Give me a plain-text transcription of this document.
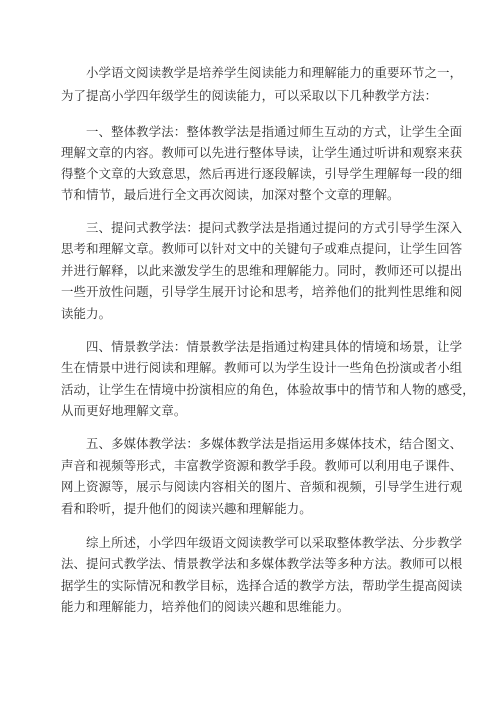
小学语文阅读教学是培养学生阅读能力和理解能力的重要环节之一，
为了提高小学四年级学生的阅读能力，可以采取以下几种教学方法：
一、整体教学法：整体教学法是指通过师生互动的方式，让学生全面
理解文章的内容。教师可以先进行整体导读，让学生通过听讲和观察来获
得整个文章的大致意思，然后再进行逐段解读，引导学生理解每一段的细
节和情节，最后进行全文再次阅读，加深对整个文章的理解。
三、提问式教学法：提问式教学法是指通过提问的方式引导学生深入
思考和理解文章。教师可以针对文中的关键句子或难点提问，让学生回答
并进行解释，以此来激发学生的思维和理解能力。同时，教师还可以提出
一些开放性问题，引导学生展开讨论和思考，培养他们的批判性思维和阅
读能力。
四、情景教学法：情景教学法是指通过构建具体的情境和场景，让学
生在情景中进行阅读和理解。教师可以为学生设计一些角色扮演或者小组
活动，让学生在情境中扮演相应的角色，体验故事中的情节和人物的感受，
从而更好地理解文章。
五、多媒体教学法：多媒体教学法是指运用多媒体技术，结合图文、
声音和视频等形式，丰富教学资源和教学手段。教师可以利用电子课件、
网上资源等，展示与阅读内容相关的图片、音频和视频，引导学生进行观
看和聆听，提升他们的阅读兴趣和理解能力。
综上所述，小学四年级语文阅读教学可以采取整体教学法、分步教学
法、提问式教学法、情景教学法和多媒体教学法等多种方法。教师可以根
据学生的实际情况和教学目标，选择合适的教学方法，帮助学生提高阅读
能力和理解能力，培养他们的阅读兴趣和思维能力。
